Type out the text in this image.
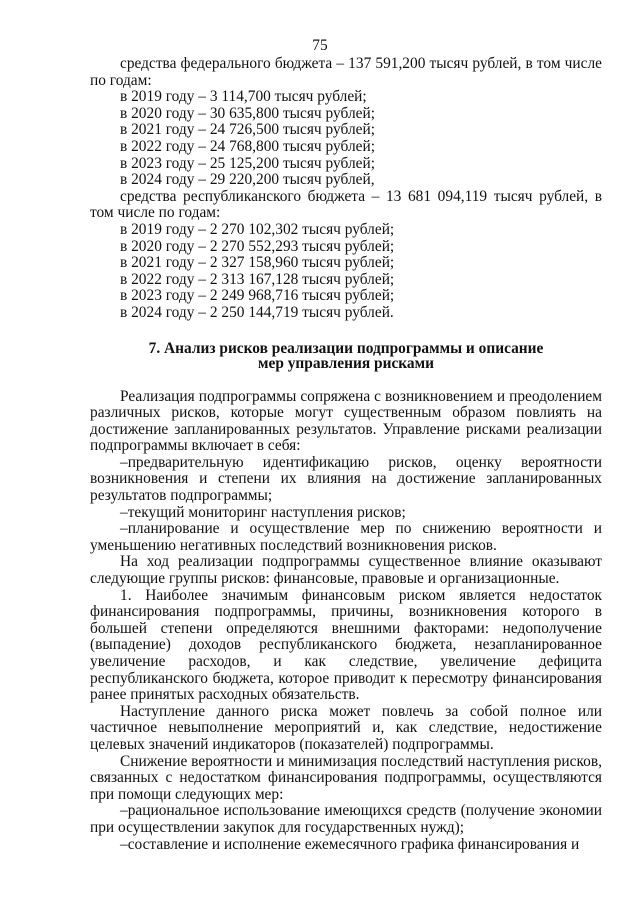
75

средства федерального бюджета – 137 591,200 тысяч рублей, в том числе по годам:

в 2019 году – 3 114,700 тысяч рублей;

в 2020 году – 30 635,800 тысяч рублей;

в 2021 году – 24 726,500 тысяч рублей;

в 2022 году – 24 768,800 тысяч рублей;

в 2023 году – 25 125,200 тысяч рублей;

в 2024 году – 29 220,200 тысяч рублей,

средства республиканского бюджета – 13 681 094,119 тысяч рублей, в том числе по годам:

в 2019 году – 2 270 102,302 тысяч рублей;

в 2020 году – 2 270 552,293 тысяч рублей;

в 2021 году – 2 327 158,960 тысяч рублей;

в 2022 году – 2 313 167,128 тысяч рублей;

в 2023 году – 2 249 968,716 тысяч рублей;

в 2024 году – 2 250 144,719 тысяч рублей.

7. Анализ рисков реализации подпрограммы и описание
мер управления рисками

Реализация подпрограммы сопряжена с возникновением и преодолением различных рисков, которые могут существенным образом повлиять на достижение запланированных результатов. Управление рисками реализации подпрограммы включает в себя:

–предварительную идентификацию рисков, оценку вероятности возникновения и степени их влияния на достижение запланированных результатов подпрограммы;

–текущий мониторинг наступления рисков;

–планирование и осуществление мер по снижению вероятности и уменьшению негативных последствий возникновения рисков.

На ход реализации подпрограммы существенное влияние оказывают следующие группы рисков: финансовые, правовые и организационные.

1. Наиболее значимым финансовым риском является недостаток финансирования подпрограммы, причины, возникновения которого в большей степени определяются внешними факторами: недополучение (выпадение) доходов республиканского бюджета, незапланированное увеличение расходов, и как следствие, увеличение дефицита республиканского бюджета, которое приводит к пересмотру финансирования ранее принятых расходных обязательств.

Наступление данного риска может повлечь за собой полное или частичное невыполнение мероприятий и, как следствие, недостижение целевых значений индикаторов (показателей) подпрограммы.

Снижение вероятности и минимизация последствий наступления рисков, связанных с недостатком финансирования подпрограммы, осуществляются при помощи следующих мер:

–рациональное использование имеющихся средств (получение экономии при осуществлении закупок для государственных нужд);

–составление и исполнение ежемесячного графика финансирования и
